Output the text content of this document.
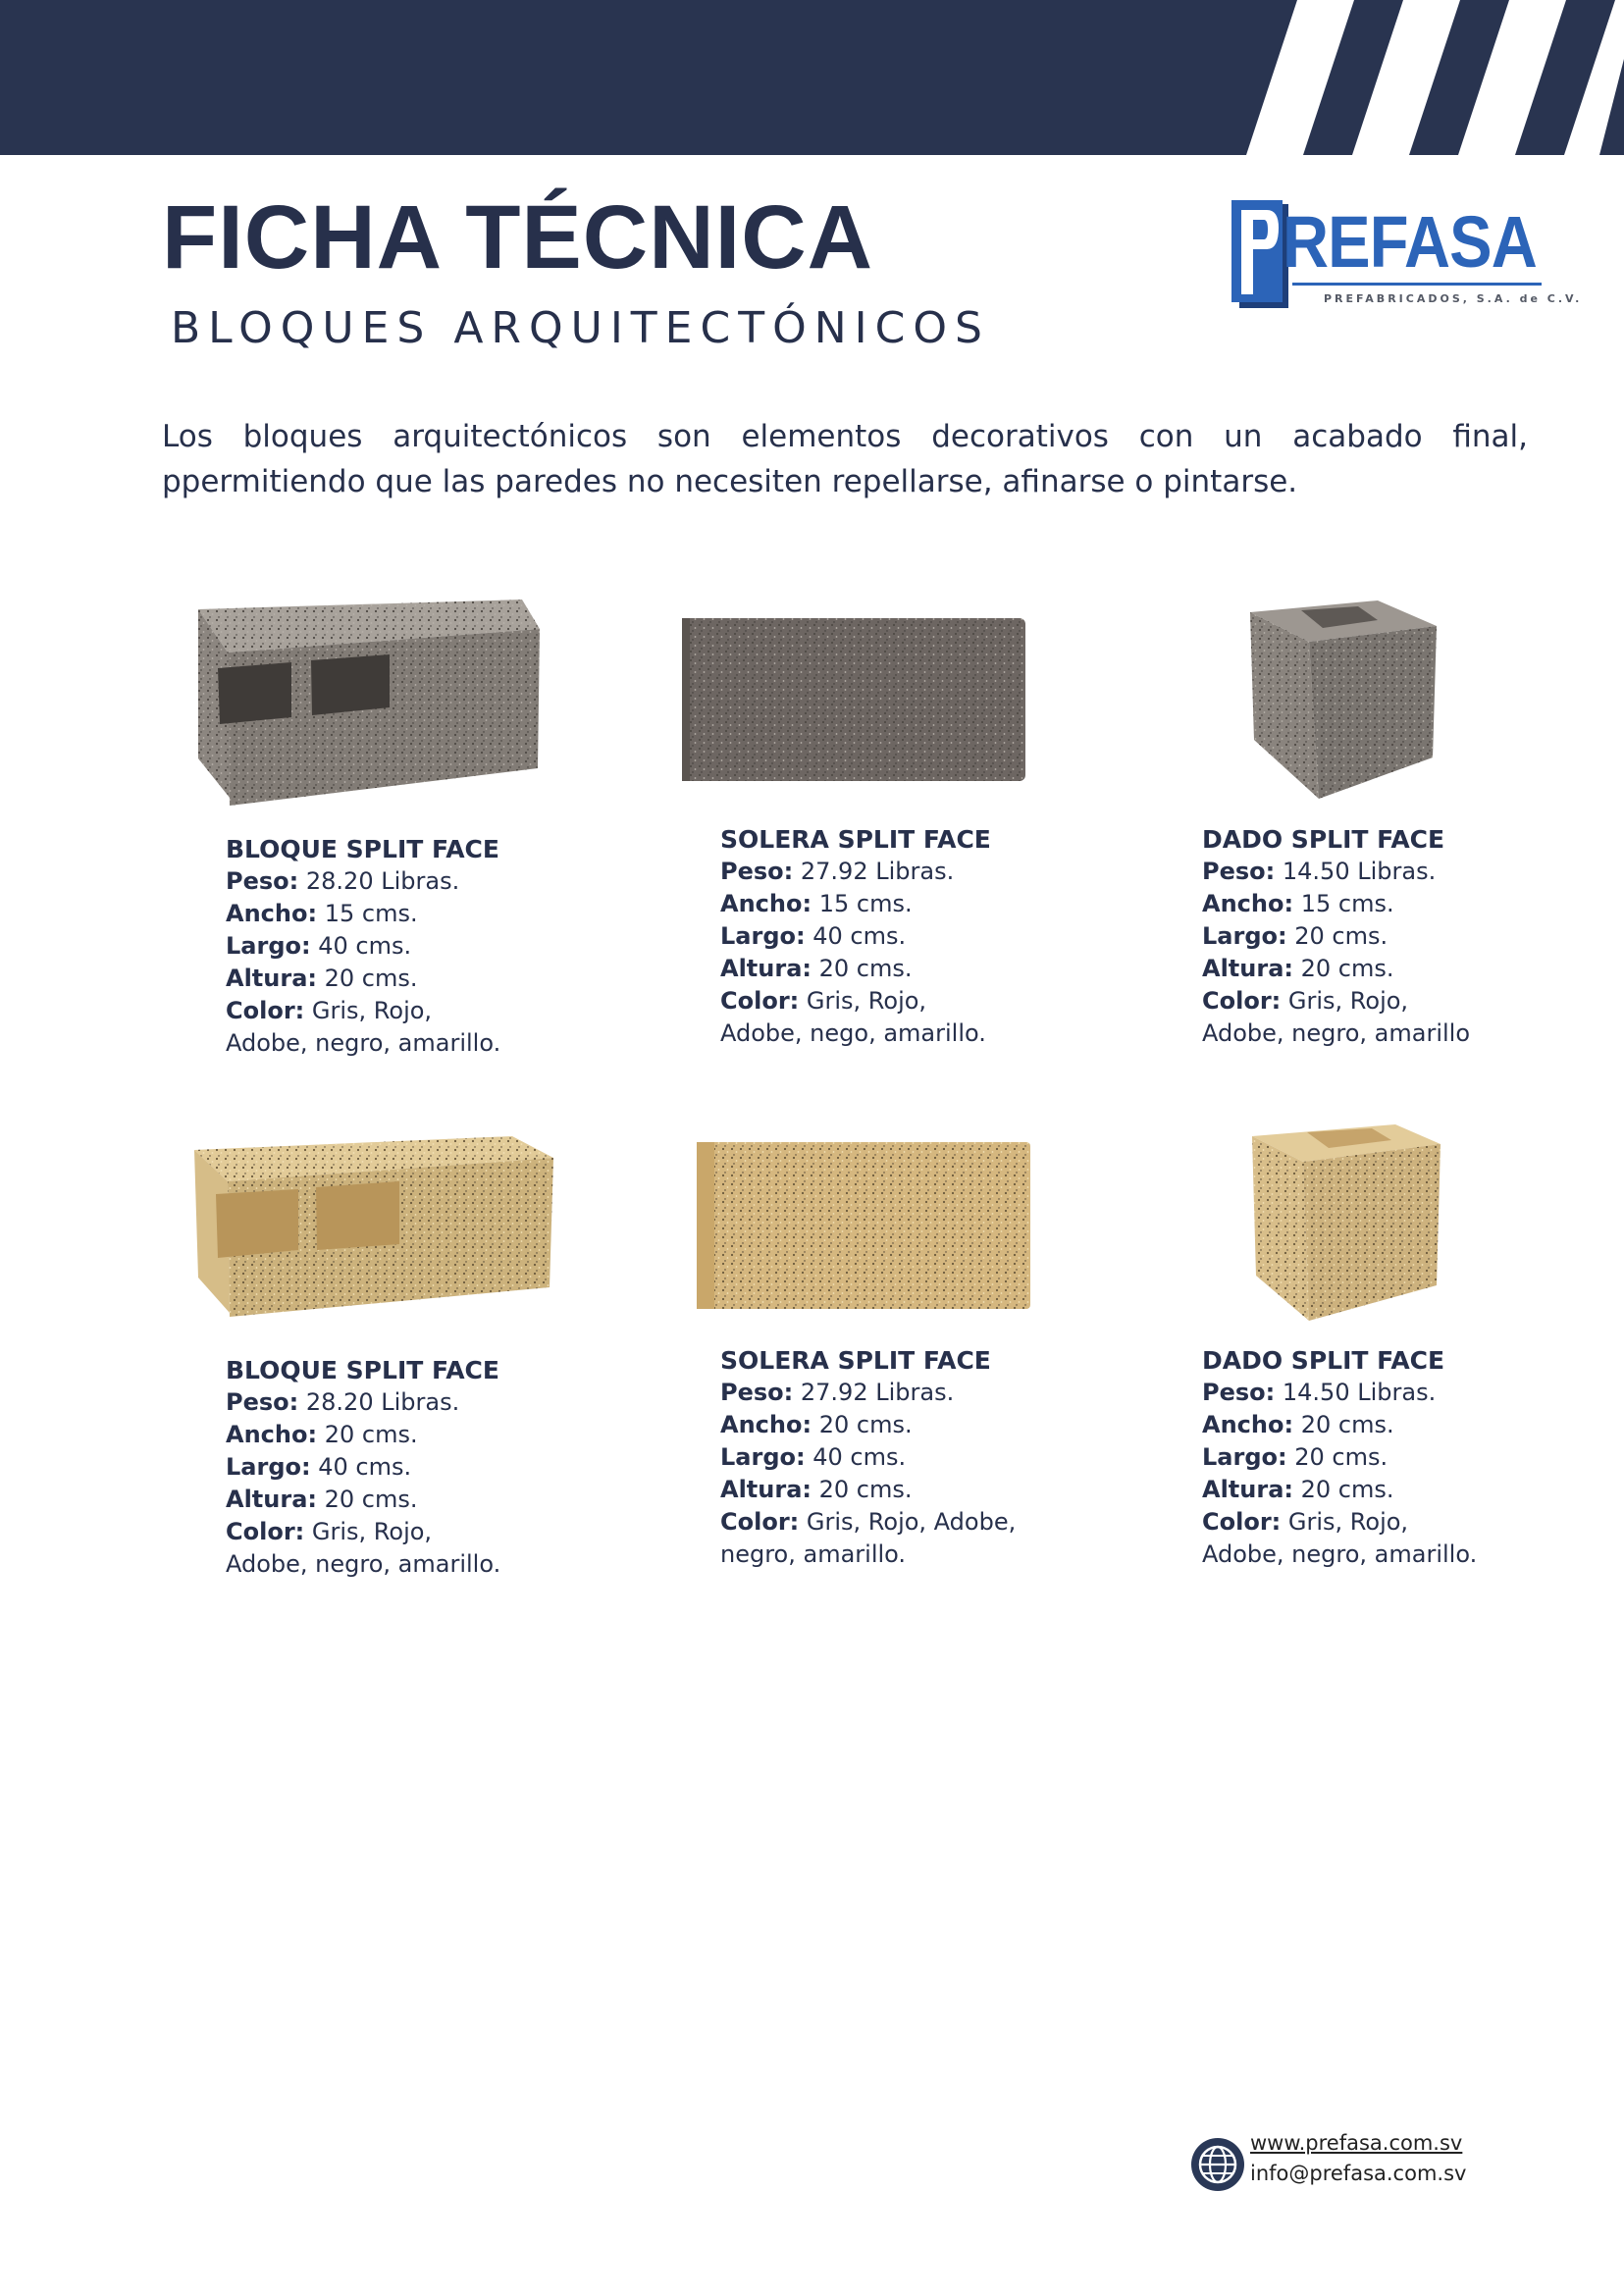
FICHA TÉCNICA
BLOQUES ARQUITECTÓNICOS
REFASA
PREFABRICADOS, S.A. de C.V.
Los bloques arquitectónicos son elementos decorativos con un acabado final, ppermitiendo que las paredes no necesiten repellarse, afinarse o pintarse.
BLOQUE SPLIT FACE
Peso: 28.20 Libras.
Ancho: 15 cms.
Largo: 40 cms.
Altura: 20 cms.
Color: Gris, Rojo,
Adobe, negro, amarillo.
SOLERA SPLIT FACE
Peso: 27.92 Libras.
Ancho: 15 cms.
Largo: 40 cms.
Altura: 20 cms.
Color: Gris, Rojo,
Adobe, nego, amarillo.
DADO SPLIT FACE
Peso: 14.50 Libras.
Ancho: 15 cms.
Largo: 20 cms.
Altura: 20 cms.
Color: Gris, Rojo,
Adobe, negro, amarillo
BLOQUE SPLIT FACE
Peso: 28.20 Libras.
Ancho: 20 cms.
Largo: 40 cms.
Altura: 20 cms.
Color: Gris, Rojo,
Adobe, negro, amarillo.
SOLERA SPLIT FACE
Peso: 27.92 Libras.
Ancho: 20 cms.
Largo: 40 cms.
Altura: 20 cms.
Color: Gris, Rojo, Adobe,
negro, amarillo.
DADO SPLIT FACE
Peso: 14.50 Libras.
Ancho: 20 cms.
Largo: 20 cms.
Altura: 20 cms.
Color: Gris, Rojo,
Adobe, negro, amarillo.
www.prefasa.com.sv
info@prefasa.com.sv
